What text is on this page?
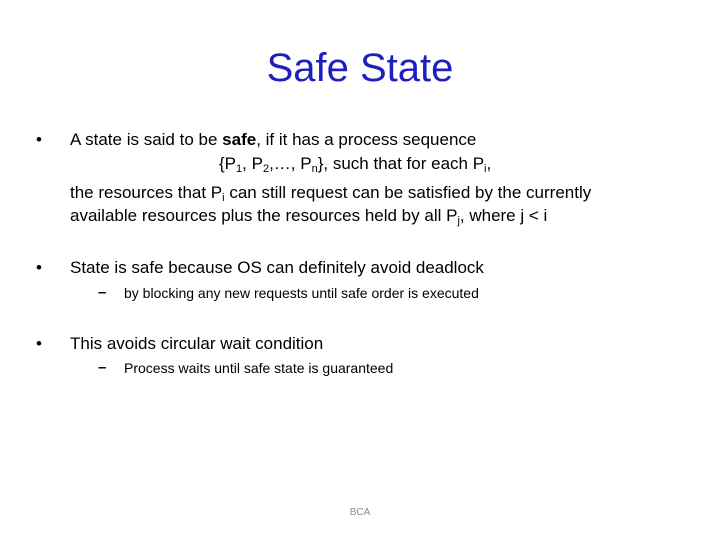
Safe State
• A state is said to be safe, if it has a process sequence
{$P_1$, $P_2,\dots$, $P_n$}, such that for each $P_i$,
the resources that $P_i$ can still request can be satisfied by the currently
available resources plus the resources held by all $P_j$, where j < i
• State is safe because OS can definitely avoid deadlock
– by blocking any new requests until safe order is executed
• This avoids circular wait condition
– Process waits until safe state is guaranteed
BCA
